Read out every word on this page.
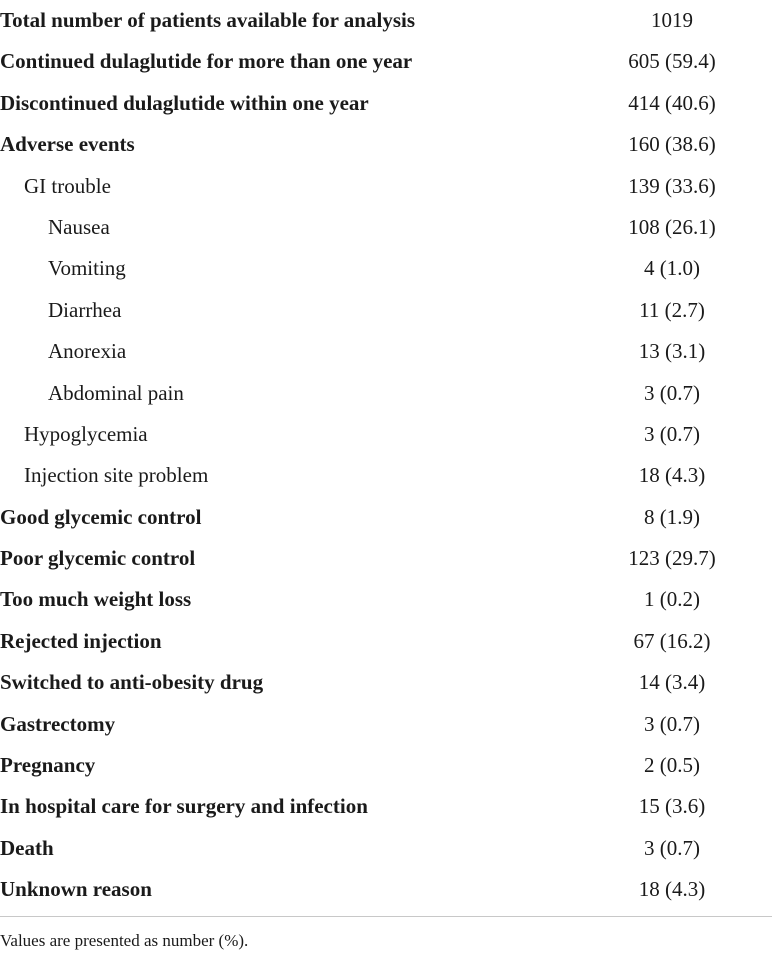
Total number of patients available for analysis	1019
Continued dulaglutide for more than one year	605 (59.4)
Discontinued dulaglutide within one year	414 (40.6)
Adverse events	160 (38.6)
GI trouble	139 (33.6)
Nausea	108 (26.1)
Vomiting	4 (1.0)
Diarrhea	11 (2.7)
Anorexia	13 (3.1)
Abdominal pain	3 (0.7)
Hypoglycemia	3 (0.7)
Injection site problem	18 (4.3)
Good glycemic control	8 (1.9)
Poor glycemic control	123 (29.7)
Too much weight loss	1 (0.2)
Rejected injection	67 (16.2)
Switched to anti-obesity drug	14 (3.4)
Gastrectomy	3 (0.7)
Pregnancy	2 (0.5)
In hospital care for surgery and infection	15 (3.6)
Death	3 (0.7)
Unknown reason	18 (4.3)
Values are presented as number (%).
